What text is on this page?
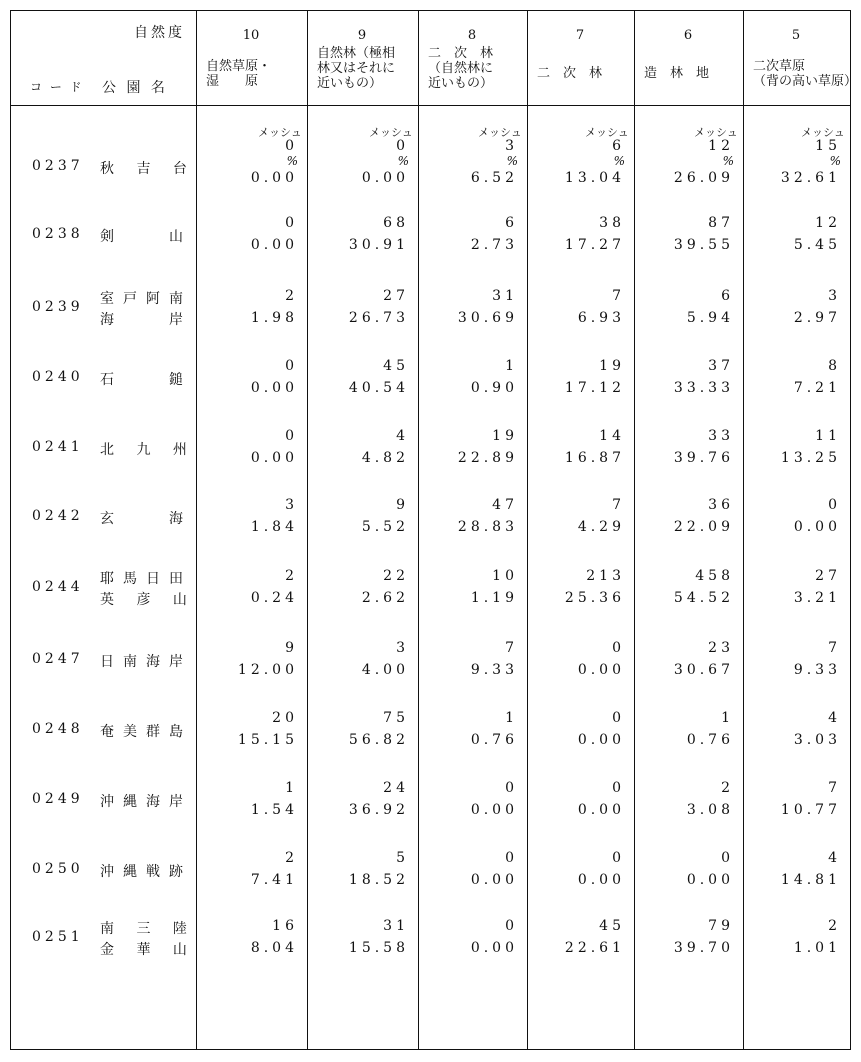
自然度
コ ー ド 公 園 名
10
自然草原・
湿　　原
9
自然林（極相
林又はそれに
近いもの）
8
二　次　林
（自然林に
近いもの）
7
二　次　林
6
造　林　地
5
二次草原
（背の高い草原）
0237 秋 吉 台
メッシュ
0
%
0.00
メッシュ
0
%
0.00
メッシュ
3
%
6.52
メッシュ
6
%
13.04
メッシュ
12
%
26.09
メッシュ
15
%
32.61
0238 剣　　山
0
0.00
68
30.91
6
2.73
38
17.27
87
39.55
12
5.45
0239 室戸阿南
海　　岸
2
1.98
27
26.73
31
30.69
7
6.93
6
5.94
3
2.97
0240 石　　鎚
0
0.00
45
40.54
1
0.90
19
17.12
37
33.33
8
7.21
0241 北 九 州
0
0.00
4
4.82
19
22.89
14
16.87
33
39.76
11
13.25
0242 玄　　海
3
1.84
9
5.52
47
28.83
7
4.29
36
22.09
0
0.00
0244 耶馬日田
英 彦 山
2
0.24
22
2.62
10
1.19
213
25.36
458
54.52
27
3.21
0247 日南海岸
9
12.00
3
4.00
7
9.33
0
0.00
23
30.67
7
9.33
0248 奄美群島
20
15.15
75
56.82
1
0.76
0
0.00
1
0.76
4
3.03
0249 沖縄海岸
1
1.54
24
36.92
0
0.00
0
0.00
2
3.08
7
10.77
0250 沖縄戦跡
2
7.41
5
18.52
0
0.00
0
0.00
0
0.00
4
14.81
0251 南 三 陸
金 華 山
16
8.04
31
15.58
0
0.00
45
22.61
79
39.70
2
1.01
